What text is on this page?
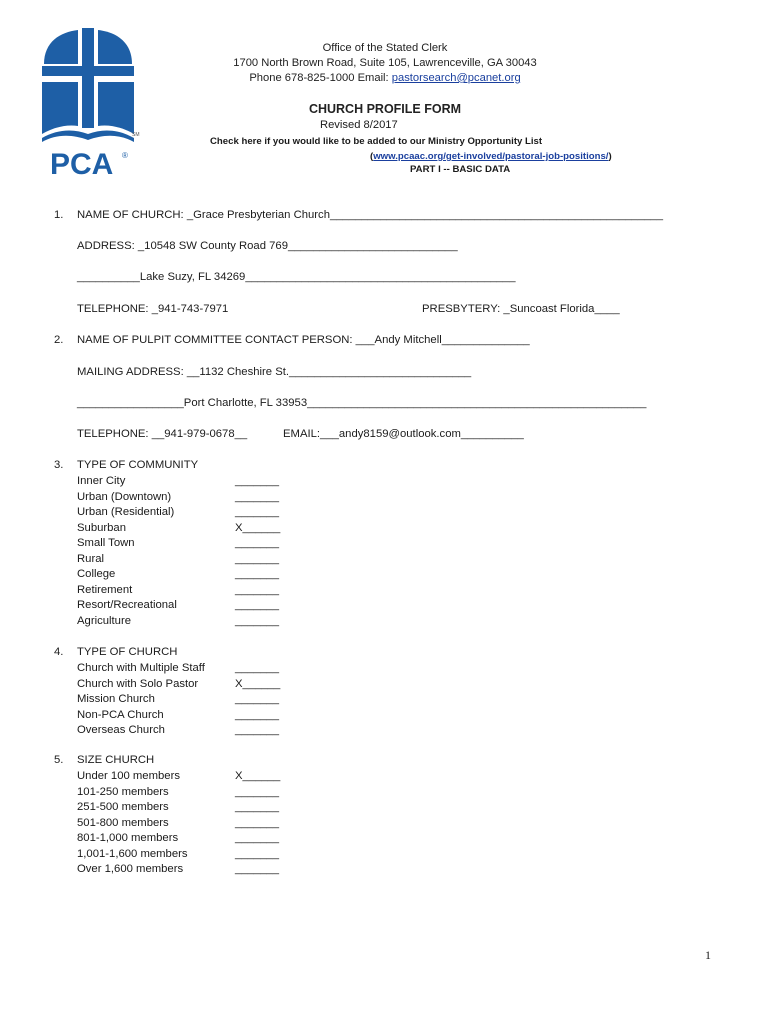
SM
PCA ®
Office of the Stated Clerk
1700 North Brown Road, Suite 105, Lawrenceville, GA 30043
Phone 678-825-1000 Email: pastorsearch@pcanet.org
CHURCH PROFILE FORM
Revised 8/2017
Check here if you would like to be added to our Ministry Opportunity List
(www.pcaac.org/get-involved/pastoral-job-positions/)
PART I -- BASIC DATA
1. NAME OF CHURCH: _Grace Presbyterian Church_____________________________________________________
ADDRESS: _10548 SW County Road 769___________________________
__________Lake Suzy, FL 34269___________________________________________
TELEPHONE: _941-743-7971	PRESBYTERY: _Suncoast Florida____
2. NAME OF PULPIT COMMITTEE CONTACT PERSON: ___Andy Mitchell______________
MAILING ADDRESS: __1132 Cheshire St._____________________________
_________________Port Charlotte, FL 33953______________________________________________________
TELEPHONE: __941-979-0678__	EMAIL:___andy8159@outlook.com__________
3. TYPE OF COMMUNITY
Inner City	_______
Urban (Downtown)	_______
Urban (Residential)	_______
Suburban	X______
Small Town	_______
Rural	_______
College	_______
Retirement	_______
Resort/Recreational	_______
Agriculture	_______
4. TYPE OF CHURCH
Church with Multiple Staff	_______
Church with Solo Pastor	X______
Mission Church	_______
Non-PCA Church	_______
Overseas Church	_______
5. SIZE CHURCH
Under 100 members	X______
101-250 members	_______
251-500 members	_______
501-800 members	_______
801-1,000 members	_______
1,001-1,600 members	_______
Over 1,600 members	_______
1
